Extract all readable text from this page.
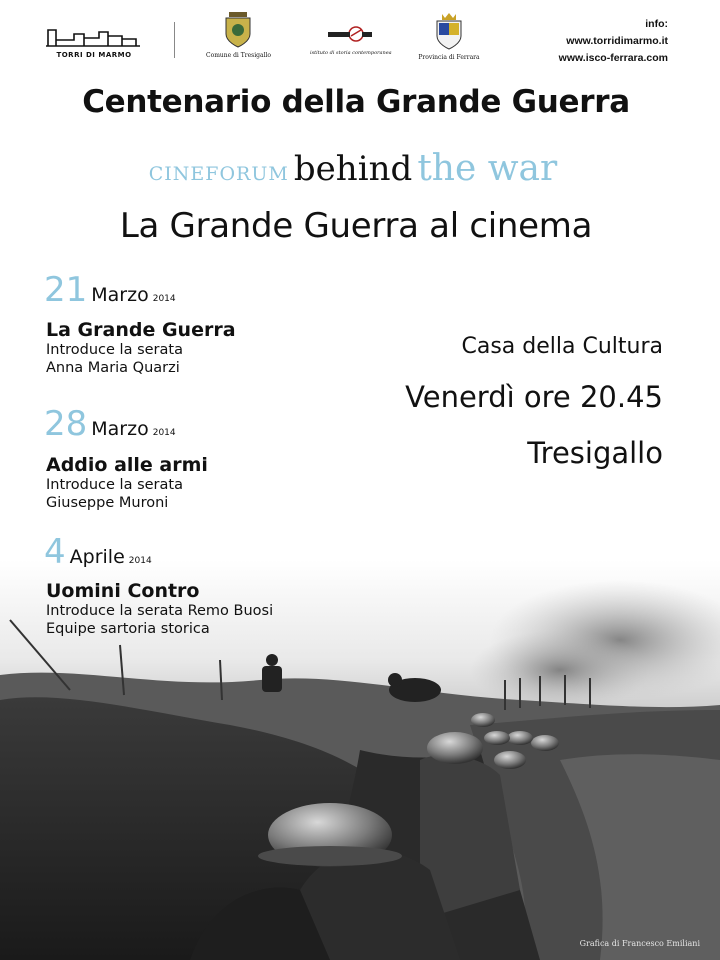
TORRI DI MARMO	Comune di Tresigallo	istituto di storia contemporanea
Provincia di Ferrara
info:
www.torridimarmo.it
www.isco-ferrara.com
Centenario della Grande Guerra
CINEFORUM behind the war
La Grande Guerra al cinema
21 Marzo 2014
La Grande Guerra
Introduce la serata
Anna Maria Quarzi
28 Marzo 2014
Addio alle armi
Introduce la serata
Giuseppe Muroni
4 Aprile 2014
Uomini Contro
Introduce la serata Remo Buosi
Equipe sartoria storica
Casa della Cultura
Venerdì ore 20.45
Tresigallo
Grafica di Francesco Emiliani
